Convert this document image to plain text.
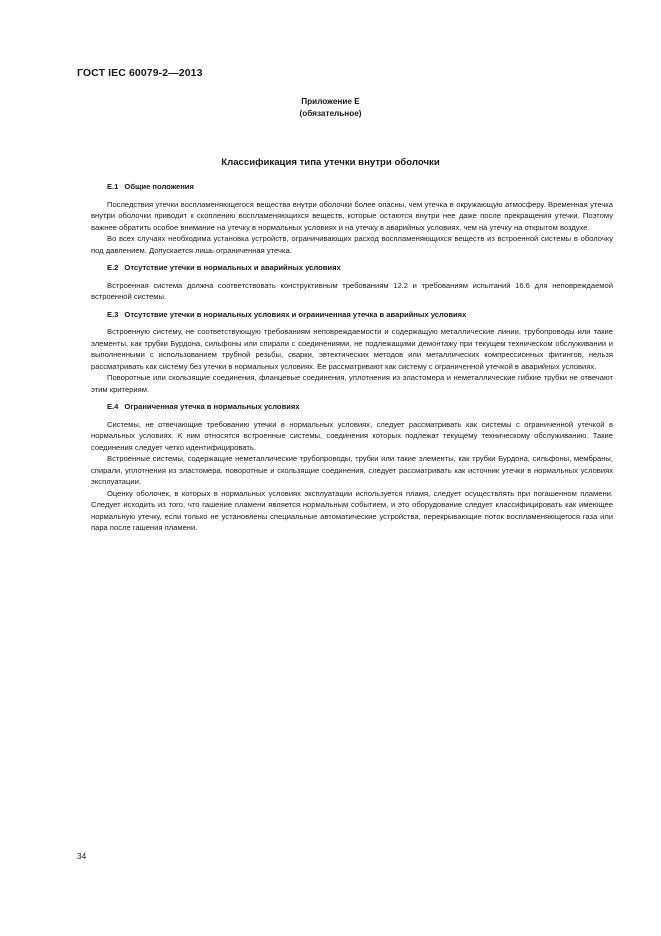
ГОСТ IEC 60079-2—2013
Приложение E
(обязательное)
Классификация типа утечки внутри оболочки
E.1 Общие положения

Последствия утечки воспламеняющегося вещества внутри оболочки более опасны, чем утечка в окружающую атмосферу. Временная утечка внутри оболочки приводит к скоплению воспламеняющихся веществ, которые остаются внутри нее даже после прекращения утечки. Поэтому важнее обратить особое внимание на утечку в нормальных условиях и на утечку в аварийных условиях, чем на утечку на открытом воздухе.

Во всех случаях необходима установка устройств, ограничивающих расход воспламеняющихся веществ из встроенной системы в оболочку под давлением. Допускается лишь ограниченная утечка.

E.2 Отсутствие утечки в нормальных и аварийных условиях

Встроенная система должна соответствовать конструктивным требованиям 12.2 и требованиям испытаний 16.6 для неповреждаемой встроенной системы.

E.3 Отсутствие утечки в нормальных условиях и ограниченная утечка в аварийных условиях

Встроенную систему, не соответствующую требованиям неповреждаемости и содержащую металлические линии, трубопроводы или такие элементы, как трубки Бурдона, сильфоны или спирали с соединениями, не подлежащими демонтажу при текущем техническом обслуживании и выполненными с использованием трубной резьбы, сварки, эвтектических методов или металлических компрессионных фитингов, нельзя рассматривать как систему без утечки в нормальных условиях. Ее рассматривают как систему с ограниченной утечкой в аварийных условиях.

Поворотные или скользящие соединения, фланцевые соединения, уплотнения из эластомера и неметаллические гибкие трубки не отвечают этим критериям.

E.4 Ограниченная утечка в нормальных условиях

Системы, не отвечающие требованию утечки в нормальных условиях, следует рассматривать как системы с ограниченной утечкой в нормальных условиях. К ним относятся встроенные системы, соединения которых подлежат текущему техническому обслуживанию. Такие соединения следует четко идентифицировать.

Встроенные системы, содержащие неметаллические трубопроводы, трубки или такие элементы, как трубки Бурдона, сильфоны, мембраны, спирали, уплотнения из эластомера, поворотные и скользящие соединения, следует рассматривать как источник утечки в нормальных условиях эксплуатации.

Оценку оболочек, в которых в нормальных условиях эксплуатации используется пламя, следует осуществлять при погашенном пламени. Следует исходить из того, что гашение пламени является нормальным событием, и это оборудование следует классифицировать как имеющее нормальную утечку, если только не установлены специальные автоматические устройства, перекрывающие поток воспламеняющегося газа или пара после гашения пламени.

34
